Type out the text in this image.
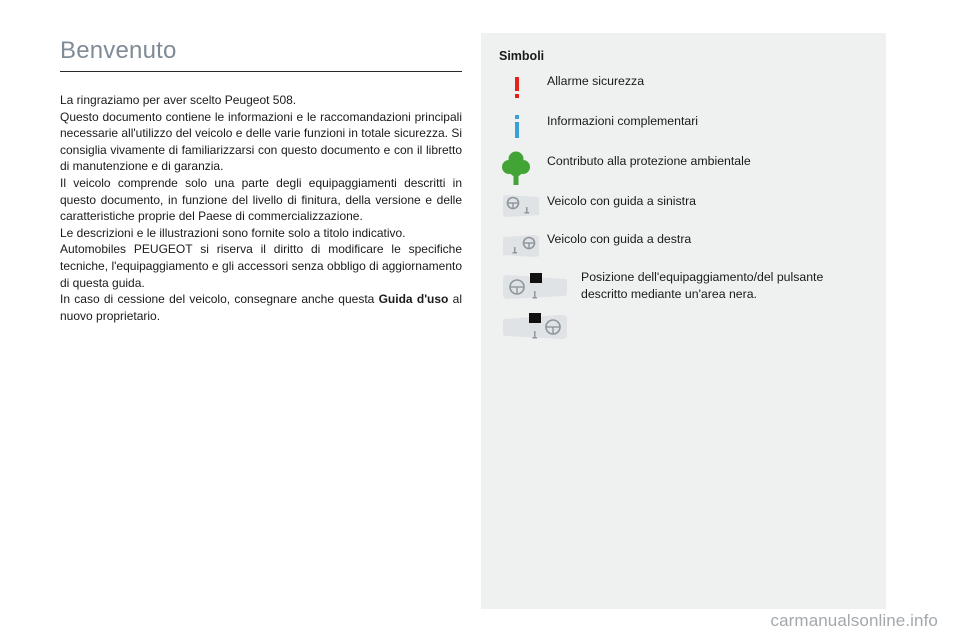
Benvenuto

La ringraziamo per aver scelto Peugeot 508.

Questo documento contiene le informazioni e le raccomandazioni principali necessarie all'utilizzo del veicolo e delle varie funzioni in totale sicurezza. Si consiglia vivamente di familiarizzarsi con questo documento e con il libretto di manutenzione e di garanzia.

Il veicolo comprende solo una parte degli equipaggiamenti descritti in questo documento, in funzione del livello di finitura, della versione e delle caratteristiche proprie del Paese di commercializzazione.

Le descrizioni e le illustrazioni sono fornite solo a titolo indicativo.

Automobiles PEUGEOT si riserva il diritto di modificare le specifiche tecniche, l'equipaggiamento e gli accessori senza obbligo di aggiornamento di questa guida.

In caso di cessione del veicolo, consegnare anche questa Guida d'uso al nuovo proprietario.

Simboli
Allarme sicurezza
Informazioni complementari
Contributo alla protezione ambientale
Veicolo con guida a sinistra
Veicolo con guida a destra
Posizione dell'equipaggiamento/del pulsante descritto mediante un'area nera.
carmanualsonline.info
